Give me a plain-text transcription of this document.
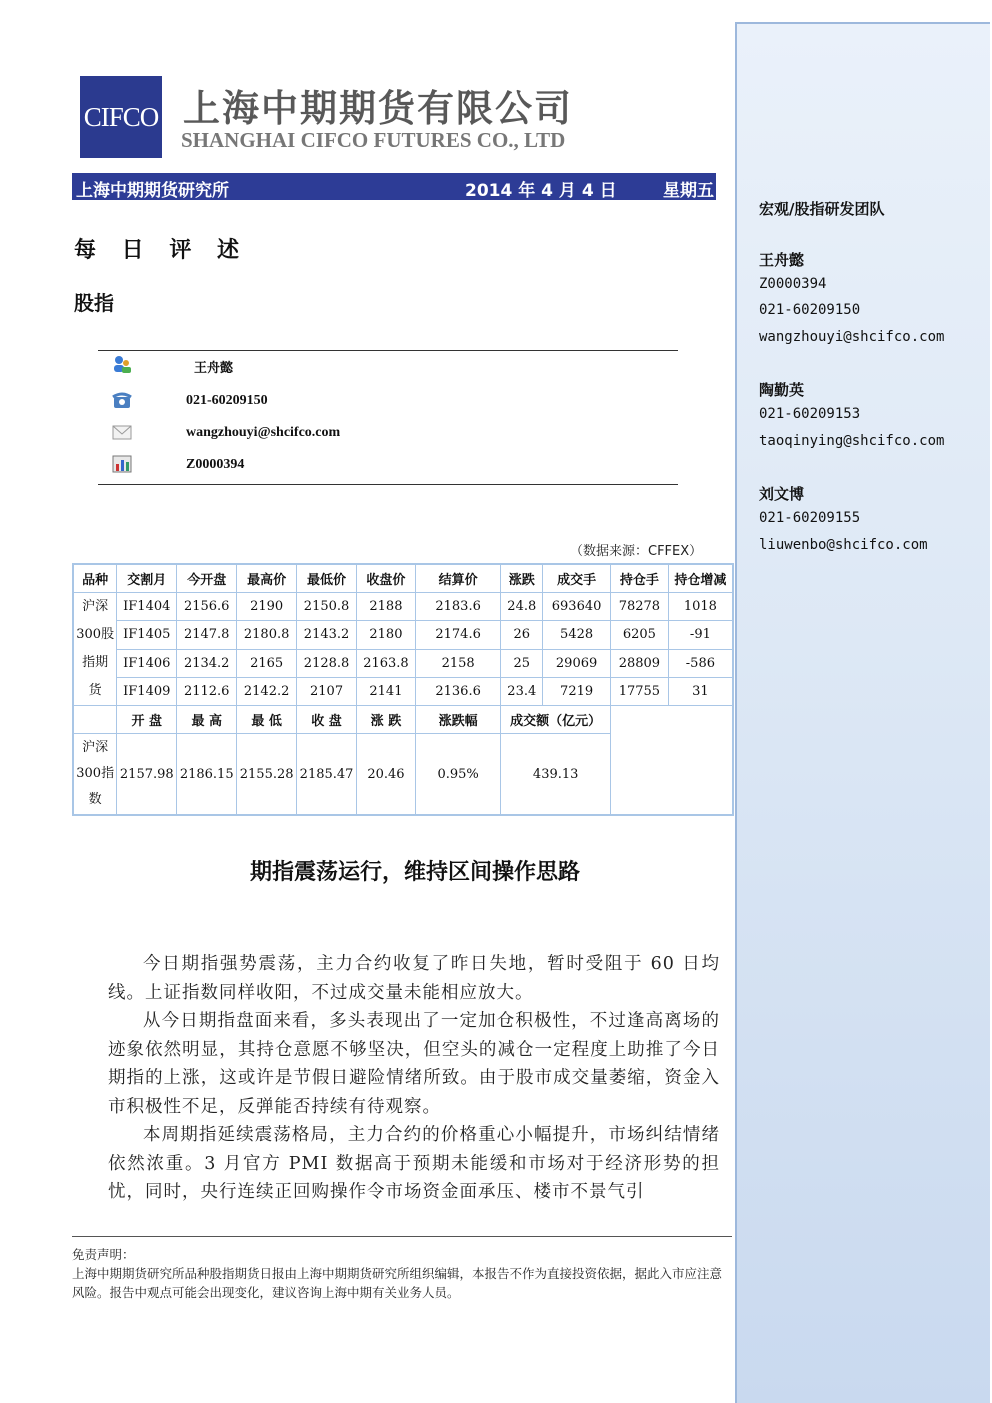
CIFCO 上海中期期货有限公司
SHANGHAI CIFCO FUTURES CO., LTD
上海中期期货研究所	2014 年 4 月 4 日	星期五
每 日 评 述
股指
王舟懿
021-60209150
wangzhouyi@shcifco.com
Z0000394
（数据来源：CFFEX）
品种	交割月	今开盘	最高价	最低价	收盘价	结算价	涨跌	成交手	持仓手	持仓增减
沪深300股指期货	IF1404	2156.6	2190	2150.8	2188	2183.6	24.8	693640	78278	1018
	IF1405	2147.8	2180.8	2143.2	2180	2174.6	26	5428	6205	-91
	IF1406	2134.2	2165	2128.8	2163.8	2158	25	29069	28809	-586
	IF1409	2112.6	2142.2	2107	2141	2136.6	23.4	7219	17755	31
	开 盘	最 高	最 低	收 盘	涨 跌	涨跌幅	成交额（亿元）			
沪深300指数	2157.98	2186.15	2155.28	2185.47	20.46	0.95%	439.13			
期指震荡运行，维持区间操作思路

今日期指强势震荡，主力合约收复了昨日失地，暂时受阻于 60 日均线。上证指数同样收阳，不过成交量未能相应放大。

从今日期指盘面来看，多头表现出了一定加仓积极性，不过逢高离场的迹象依然明显，其持仓意愿不够坚决，但空头的减仓一定程度上助推了今日期指的上涨，这或许是节假日避险情绪所致。由于股市成交量萎缩，资金入市积极性不足，反弹能否持续有待观察。

本周期指延续震荡格局，主力合约的价格重心小幅提升，市场纠结情绪依然浓重。3 月官方 PMI 数据高于预期未能缓和市场对于经济形势的担忧，同时，央行连续正回购操作令市场资金面承压、楼市不景气引

免责声明：
上海中期期货研究所品种股指期货日报由上海中期期货研究所组织编辑，本报告不作为直接投资依据，据此入市应注意风险。报告中观点可能会出现变化，建议咨询上海中期有关业务人员。
宏观/股指研发团队
王舟懿
Z0000394
021-60209150
wangzhouyi@shcifco.com
陶勤英
021-60209153
taoqinying@shcifco.com
刘文博
021-60209155
liuwenbo@shcifco.com
